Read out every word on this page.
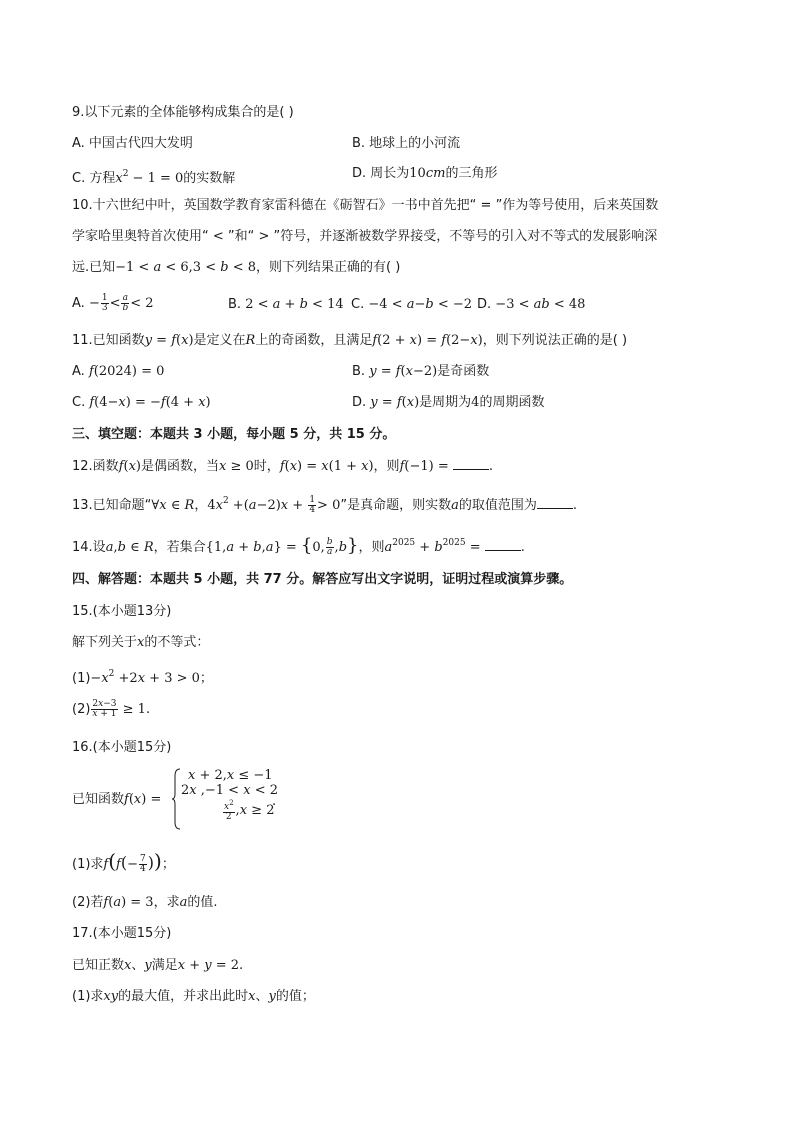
9.以下元素的全体能够构成集合的是( )
A. 中国古代四大发明	B. 地球上的小河流
C. 方程$x^2 - 1 = 0$的实数解	D. 周长为10cm的三角形
10.十六世纪中叶，英国数学教育家雷科德在《砺智石》一书中首先把“ = ”作为等号使用，后来英国数
学家哈里奥特首次使用“ < ”和“ > ”符号，并逐渐被数学界接受，不等号的引入对不等式的发展影响深
远.已知−1 < a < 6,3 < b < 8，则下列结果正确的有( )
A. − $\frac{1}{3} < \frac{a}{b} < 2$	B. 2 < a + b < 14 C. −4 < a−b < −2 D. −3 < ab < 48
11.已知函数y = f(x)是定义在R上的奇函数，且满足f(2 + x) = f(2−x)，则下列说法正确的是( )
A. f(2024) = 0	B. y = f(x−2)是奇函数
C. f(4−x) = −f(4 + x)	D. y = f(x)是周期为4的周期函数
三、填空题：本题共 3 小题，每小题 5 分，共 15 分。
12.函数f(x)是偶函数，当x ≥ 0时，f(x) = x(1 + x)，则f(−1) =	.
13.已知命题“∀x ∈ R，$4x^2 +(a-2)x + \frac{1}{4} > 0$”是真命题，则实数a的取值范围为	.
14.设a,b ∈ R，若集合{1,a + b,a} = {0, $\frac{b}{a} ,b$}，则$a^{2025} + b^{2025}$ =	.
四、解答题：本题共 5 小题，共 77 分。解答应写出文字说明，证明过程或演算步骤。
15.(本小题13分)
解下列关于x的不等式：
$(1)-x^2 +2x + 3 > 0$；
$(2) \frac{2x-3}{x + 1} \ge 1$.
16.(本小题15分)
已知函数f(x) =
x + 2,x ≤ −1
2x ,−1 < x < 2
$\frac{x^2}{2} ,x \ge 2$
.
(1)求$f(f(- \frac{7}{4}$ ))；
(2)若f(a) = 3，求a的值.
17.(本小题15分)
已知正数x、y满足x + y = 2.
(1)求xy的最大值，并求出此时x、y的值；
